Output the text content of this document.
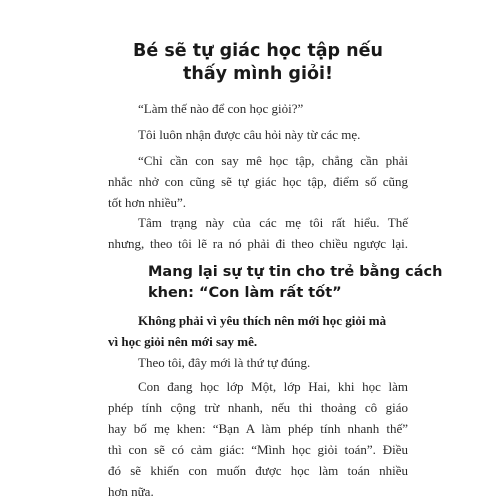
Bé sẽ tự giác học tập nếu
thấy mình giỏi!

“Làm thế nào để con học giỏi?”

Tôi luôn nhận được câu hỏi này từ các mẹ.

“Chỉ cần con say mê học tập, chẳng cần phải
nhắc nhở con cũng sẽ tự giác học tập, điểm số cũng
tốt hơn nhiều”.

Tâm trạng này của các mẹ tôi rất hiểu. Thế
nhưng, theo tôi lẽ ra nó phải đi theo chiều ngược lại.

Mang lại sự tự tin cho trẻ bằng cách
khen: “Con làm rất tốt”

Không phải vì yêu thích nên mới học giỏi mà
vì học giỏi nên mới say mê.

Theo tôi, đây mới là thứ tự đúng.

Con đang học lớp Một, lớp Hai, khi học làm
phép tính cộng trừ nhanh, nếu thi thoảng cô giáo
hay bố mẹ khen: “Bạn A làm phép tính nhanh thế”
thì con sẽ có cảm giác: “Mình học giỏi toán”. Điều
đó sẽ khiến con muốn được học làm toán nhiều
hơn nữa.
